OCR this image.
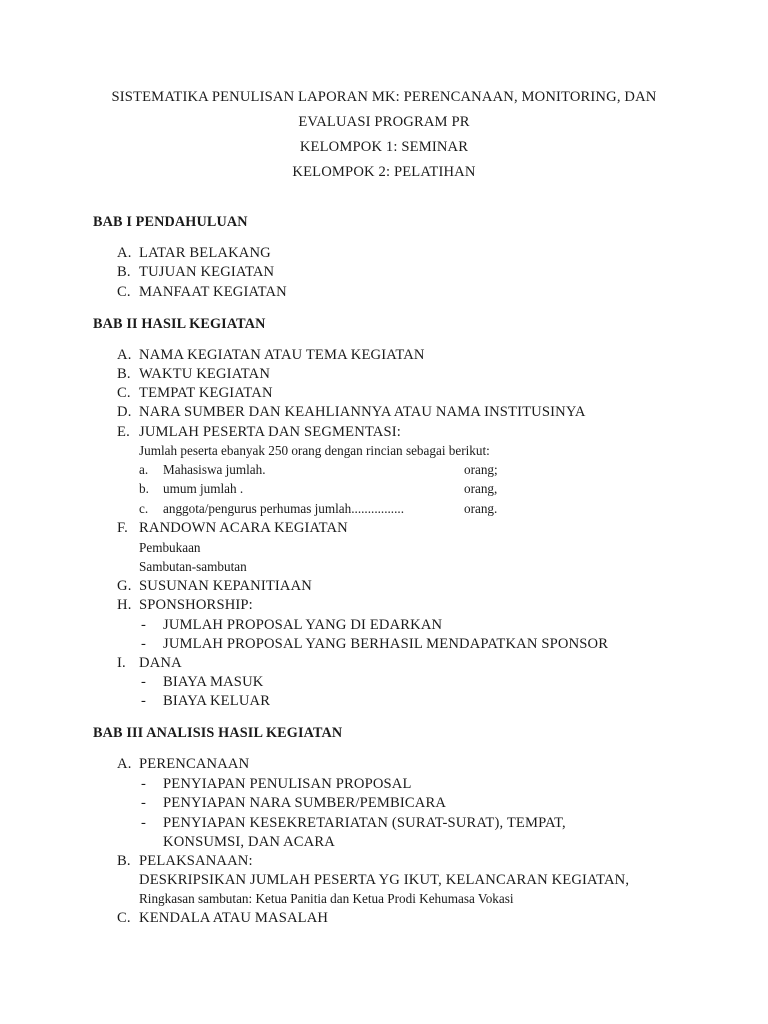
SISTEMATIKA PENULISAN LAPORAN MK: PERENCANAAN, MONITORING, DAN
EVALUASI PROGRAM PR
KELOMPOK 1: SEMINAR
KELOMPOK 2: PELATIHAN
BAB I PENDAHULUAN
A. LATAR BELAKANG
B. TUJUAN KEGIATAN
C. MANFAAT KEGIATAN
BAB II HASIL KEGIATAN
A. NAMA KEGIATAN ATAU TEMA KEGIATAN
B. WAKTU KEGIATAN
C. TEMPAT KEGIATAN
D. NARA SUMBER DAN KEAHLIANNYA ATAU NAMA INSTITUSINYA
E. JUMLAH PESERTA DAN SEGMENTASI:
Jumlah peserta ebanyak 250 orang dengan rincian sebagai berikut:
a. Mahasiswa jumlah.	orang;
b. umum jumlah .	orang,
c. anggota/pengurus perhumas jumlah................	orang.
F. RANDOWN ACARA KEGIATAN
Pembukaan
Sambutan-sambutan
G. SUSUNAN KEPANITIAAN
H. SPONSHORSHIP:
- JUMLAH PROPOSAL YANG DI EDARKAN
- JUMLAH PROPOSAL YANG BERHASIL MENDAPATKAN SPONSOR
I. DANA
- BIAYA MASUK
- BIAYA KELUAR
BAB III ANALISIS HASIL KEGIATAN
A. PERENCANAAN
- PENYIAPAN PENULISAN PROPOSAL
- PENYIAPAN NARA SUMBER/PEMBICARA
- PENYIAPAN KESEKRETARIATAN (SURAT-SURAT), TEMPAT,
KONSUMSI, DAN ACARA
B. PELAKSANAAN:
DESKRIPSIKAN JUMLAH PESERTA YG IKUT, KELANCARAN KEGIATAN,
Ringkasan sambutan: Ketua Panitia dan Ketua Prodi Kehumasa Vokasi
C. KENDALA ATAU MASALAH
